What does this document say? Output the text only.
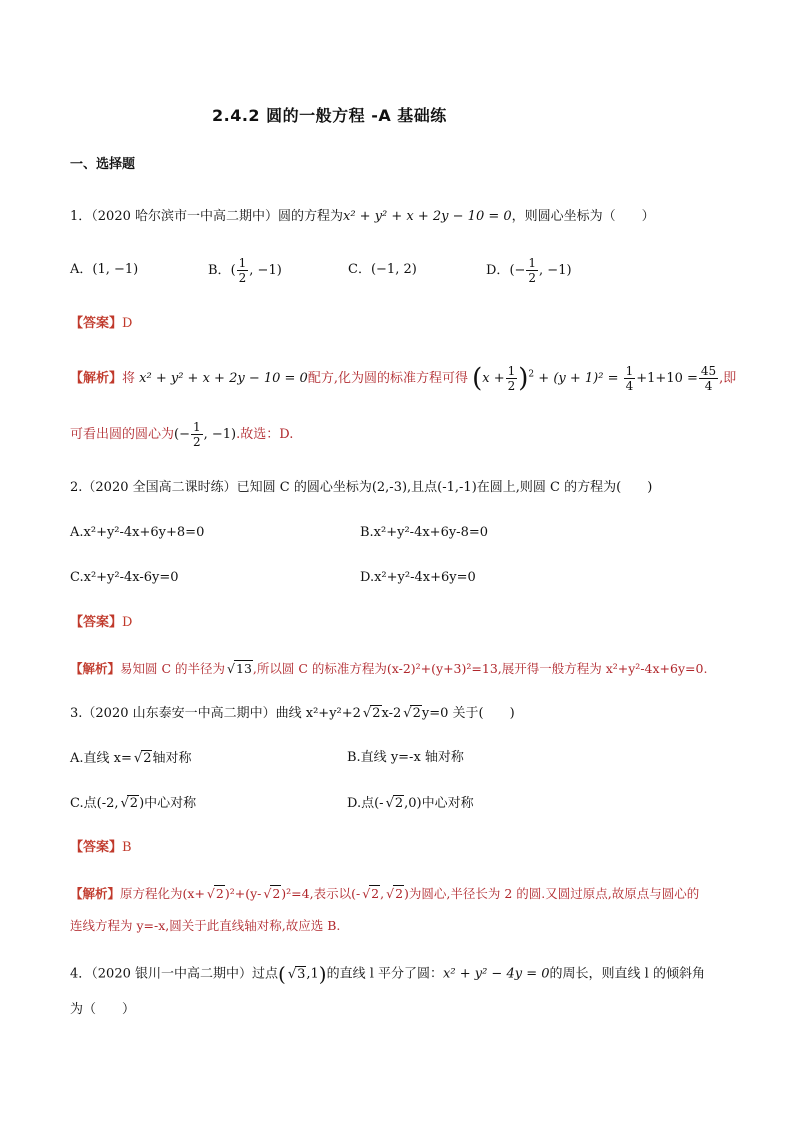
2.4.2 圆的一般方程 -A 基础练
一、选择题
1．（2020 哈尔滨市一中高二期中）圆的方程为x² + y² + x + 2y − 10 = 0，则圆心坐标为（　　）
A．(1, −1)	B．( $\frac{1}{2}$ , −1)	C．(−1, 2)	D．(− $\frac{1}{2}$ , −1)
【答案】D
【解析】将 x² + y² + x + 2y − 10 = 0配方,化为圆的标准方程可得 $(x + \frac{1}{2} )^2 + (y + 1)^2 = \frac{1}{4} +1+10 = \frac{45}{4}$ ,即
可看出圆的圆心为(− $\frac{1}{2}$ , −1).故选：D.
2.（2020 全国高二课时练）已知圆 C 的圆心坐标为(2,-3),且点(-1,-1)在圆上,则圆 C 的方程为(　　)
A.x²+y²-4x+6y+8=0	B.x²+y²-4x+6y-8=0
C.x²+y²-4x-6y=0	D.x²+y²-4x+6y=0
【答案】D
【解析】易知圆 C 的半径为 √ 13,所以圆 C 的标准方程为(x-2)²+(y+3)²=13,展开得一般方程为 x²+y²-4x+6y=0.
3.（2020 山东泰安一中高二期中）曲线 x²+y²+2 √ 2x-2 √ 2y=0 关于(　　)
A.直线 x= √ 2轴对称	B.直线 y=-x 轴对称
C.点(-2, √ 2)中心对称	D.点(- √ 2,0)中心对称
【答案】B
【解析】原方程化为(x+ √ 2)²+(y- √ 2)²=4,表示以(- √ 2, √ 2)为圆心,半径长为 2 的圆.又圆过原点,故原点与圆心的
连线方程为 y=-x,圆关于此直线轴对称,故应选 B.
4．（2020 银川一中高二期中）过点( √ 3,1)的直线 l 平分了圆：x² + y² − 4y = 0的周长，则直线 l 的倾斜角
为（　　）
